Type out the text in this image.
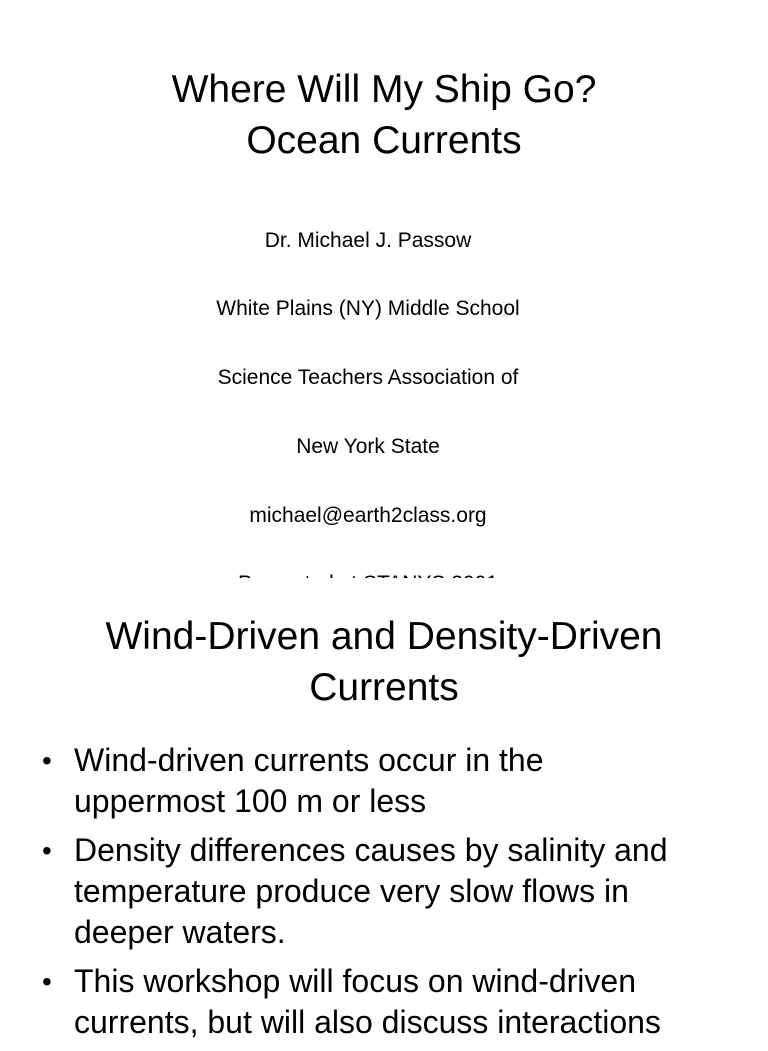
Where Will My Ship Go?
Ocean Currents
Dr. Michael J. Passow
White Plains (NY) Middle School
Science Teachers Association of
New York State
michael@earth2class.org
Wind-Driven and Density-Driven
Currents
• Wind-driven currents occur in the
uppermost 100 m or less
• Density differences causes by salinity and
temperature produce very slow flows in
deeper waters.
• This workshop will focus on wind-driven
currents, but will also discuss interactions
